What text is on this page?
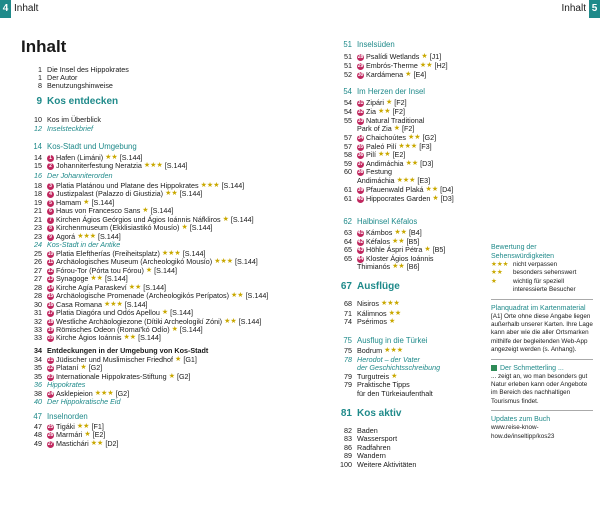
4 Inhalt	Inhalt 5
Inhalt
1 Die Insel des Hippokrates
1 Der Autor
8 Benutzungshinweise
9 Kos entdecken
10 Kos im Überblick
12 Inselsteckbrief
14 Kos-Stadt und Umgebung
14	1 Hafen (Limáni) ★★ [S.144]
15	2 Johanniterfestung Neratzia ★★★ [S.144]
16 Der Johanniterorden
18	3 Platia Platánou und Platane des Hippokrates ★★★ [S.144]
18	4 Justizpalast (Palazzo di Giustizia) ★★ [S.144]
19	5 Hamam ★ [S.144]
21	6 Haus von Francesco Sans ★ [S.144]
21	7 Kirchen Ágios Geórgios und Ágios Ioánnis Náfkliros ★ [S.144]
23	8 Kirchenmuseum (Ekklisiastikó Mousío) ★ [S.144]
23	9 Agorá ★★★ [S.144]
24 Kos-Stadt in der Antike
25 10 Platia Eleftherías (Freiheitsplatz) ★★★ [S.144]
26 11 Archäologisches Museum (Archeologikó Mousío) ★★★ [S.144]
27 12 Fórou-Tor (Pórta tou Fórou) ★ [S.144]
27 13 Synagoge ★★ [S.144]
28 14 Kirche Agía Paraskeví ★★ [S.144]
28 15 Archäologische Promenade (Archeologikós Perípatos) ★★ [S.144]
30 16 Casa Romana ★★★ [S.144]
31 17 Platia Diagóra und Odós Apellou ★ [S.144]
32 18 Westliche Archäologiezone (Dítiki Archeologikí Zóni) ★★ [S.144]
33 19 Römisches Odeon (Romaï'kó Odío) ★ [S.144]
33 20 Kirche Ágios Ioánnis ★★ [S.144]
34 Entdeckungen in der Umgebung von Kos-Stadt
34 21 Jüdischer und Muslimischer Friedhof ★ [G1]
35 22 Plataní ★ [G2]
35 23 Internationale Hippokrates-Stiftung ★ [G2]
36 Hippokrates
38 24 Asklepieion ★★★ [G2]
40 Der Hippokratische Eid
47 Inselnorden
47 25 Tigáki ★★ [F1]
48 26 Marmári ★ [E2]
49 27 Mastichári ★★ [D2]
51 Inselsüden
51 28 Psalídi Wetlands ★ [J1]
51 29 Embrós-Therme ★★ [H2]
52 30 Kardámena ★ [E4]
54 Im Herzen der Insel
54 31 Zipári ★ [F2]
54 32 Zia ★★ [F2]
55 33 Natural Traditional
Park of Zia ★ [F2]
57 34 Chaichoútes ★★ [G2]
57 35 Paleó Pilí ★★★ [F3]
58 36 Pilí ★★ [E2]
59 37 Andimáchia ★★ [D3]
60 38 Festung
Andimáchia ★★★ [E3]
61 39 Pfauenwald Plaká ★★ [D4]
61 40 Hippocrates Garden ★ [D3]
62 Halbinsel Kéfalos
63 41 Kámbos ★★ [B4]
64 42 Kéfalos ★★ [B5]
65 43 Höhle Áspri Pétra ★ [B5]
65 44 Kloster Ágios Ioánnis
Thimianós ★★ [B6]
67 Ausflüge
68 Nisiros ★★★
71 Kálimnos ★★
74 Psérimos ★
75 Ausflug in die Türkei
75 Bodrum ★★★
78 Herodot – der Vater
der Geschichtsschreibung
79 Turgutreis ★
79 Praktische Tipps
für den Türkeiaufenthalt
81 Kos aktiv
82 Baden
83 Wassersport
86 Radfahren
89 Wandern
100 Weitere Aktivitäten
Bewertung der Sehenswürdigkeiten
★★★ nicht verpassen
★★	besonders sehenswert
★	wichtig für speziell
interessierte Besucher
Planquadrat im Kartenmaterial
[A1] Orte ohne diese Angabe liegen außerhalb unserer Karten. Ihre Lage kann aber wie die aller Ortsmarken mithilfe der begleitenden Web-App angezeigt werden (s. Anhang).
Der Schmetterling ...
... zeigt an, wo man besonders gut Natur erleben kann oder Angebote im Bereich des nachhaltigen Tourismus findet.
Updates zum Buch
www.reise-know-how.de/inseltipp/kos23
